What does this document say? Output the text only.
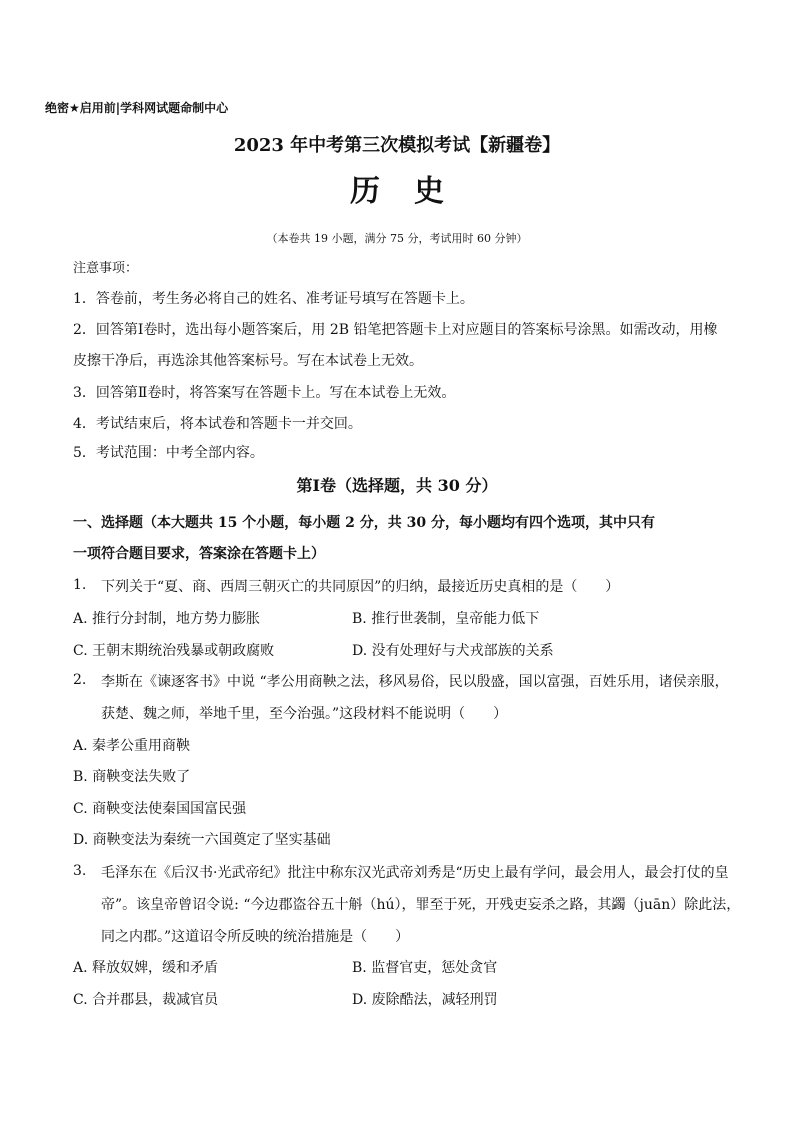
绝密★启用前|学科网试题命制中心
2023 年中考第三次模拟考试【新疆卷】
历史
（本卷共 19 小题，满分 75 分，考试用时 60 分钟）
注意事项：
1．答卷前，考生务必将自己的姓名、准考证号填写在答题卡上。
2．回答第Ⅰ卷时，选出每小题答案后，用 2B 铅笔把答题卡上对应题目的答案标号涂黑。如需改动，用橡
皮擦干净后，再选涂其他答案标号。写在本试卷上无效。
3．回答第Ⅱ卷时，将答案写在答题卡上。写在本试卷上无效。
4．考试结束后，将本试卷和答题卡一并交回。
5．考试范围：中考全部内容。
第Ⅰ卷（选择题，共 30 分）
一、选择题（本大题共 15 个小题，每小题 2 分，共 30 分，每小题均有四个选项，其中只有
一项符合题目要求，答案涂在答题卡上）
1. 下列关于“夏、商、西周三朝灭亡的共同原因”的归纳，最接近历史真相的是（　　）
A. 推行分封制，地方势力膨胀	B. 推行世袭制，皇帝能力低下
C. 王朝末期统治残暴或朝政腐败	D. 没有处理好与犬戎部族的关系
2. 李斯在《谏逐客书》中说 “孝公用商鞅之法，移风易俗，民以殷盛，国以富强，百姓乐用，诸侯亲服，
获楚、魏之师，举地千里，至今治强。”这段材料不能说明（　　）
A. 秦孝公重用商鞅
B. 商鞅变法失败了
C. 商鞅变法使秦国国富民强
D. 商鞅变法为秦统一六国奠定了坚实基础
3. 毛泽东在《后汉书·光武帝纪》批注中称东汉光武帝刘秀是“历史上最有学问，最会用人，最会打仗的皇
帝”。该皇帝曾诏令说: “今边郡盗谷五十斛（hú），罪至于死，开残吏妄杀之路，其蠲（juān）除此法，
同之内郡。”这道诏令所反映的统治措施是（　　）
A. 释放奴婢，缓和矛盾	B. 监督官吏，惩处贪官
C. 合并郡县，裁减官员	D. 废除酷法，减轻刑罚
